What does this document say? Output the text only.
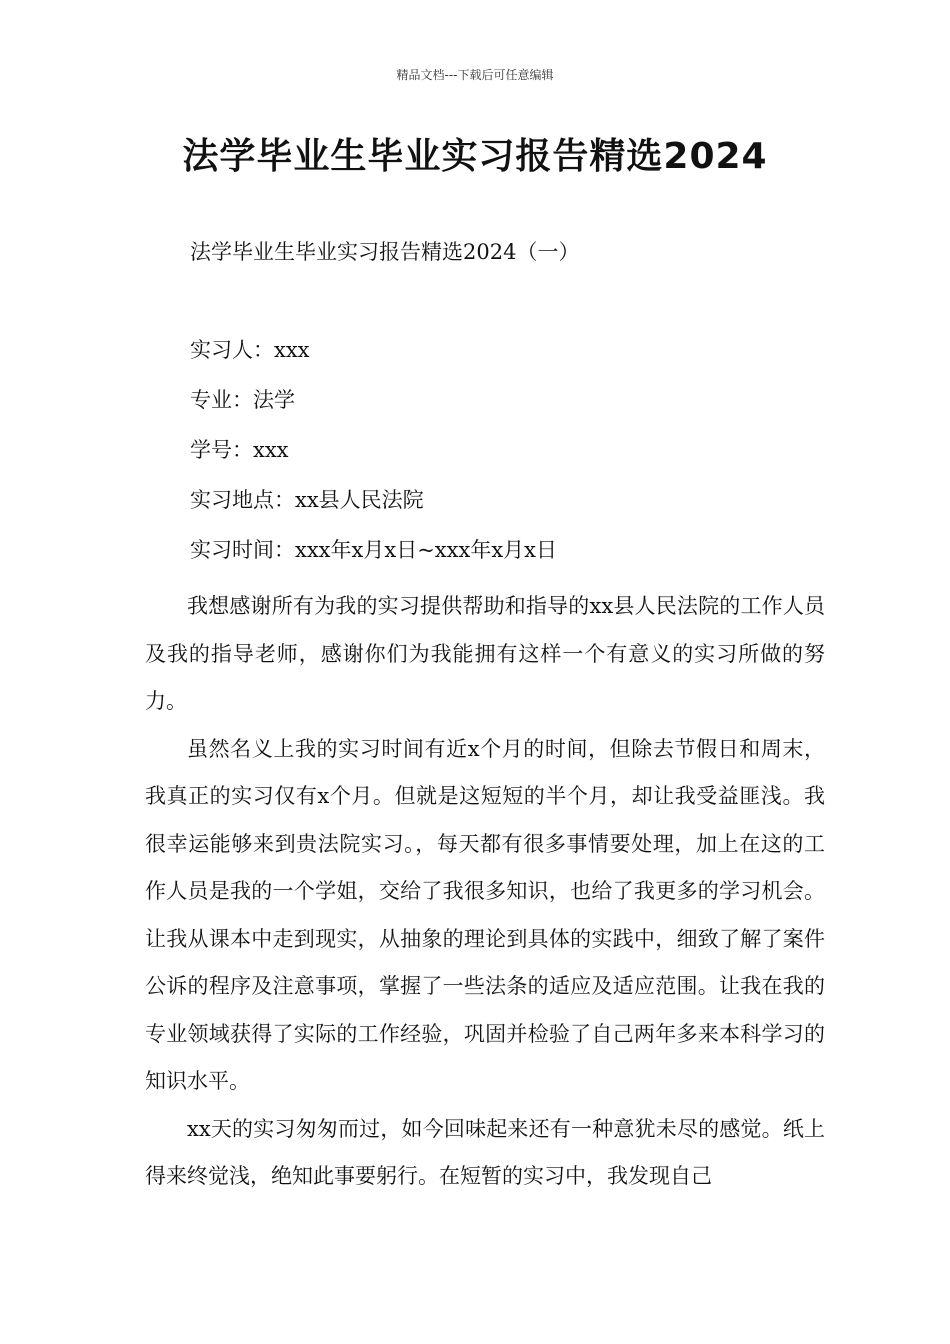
精品文档---下载后可任意编辑
法学毕业生毕业实习报告精选2024
法学毕业生毕业实习报告精选2024（一）
实习人：xxx
专业：法学
学号：xxx
实习地点：xx县人民法院
实习时间：xxx年x月x日~xxx年x月x日

我想感谢所有为我的实习提供帮助和指导的xx县人民法院的工作人员及我的指导老师，感谢你们为我能拥有这样一个有意义的实习所做的努力。

虽然名义上我的实习时间有近x个月的时间，但除去节假日和周末，我真正的实习仅有x个月。但就是这短短的半个月，却让我受益匪浅。我很幸运能够来到贵法院实习。，每天都有很多事情要处理，加上在这的工作人员是我的一个学姐，交给了我很多知识，也给了我更多的学习机会。让我从课本中走到现实，从抽象的理论到具体的实践中，细致了解了案件公诉的程序及注意事项，掌握了一些法条的适应及适应范围。让我在我的专业领域获得了实际的工作经验，巩固并检验了自己两年多来本科学习的知识水平。

xx天的实习匆匆而过，如今回味起来还有一种意犹未尽的感觉。纸上得来终觉浅，绝知此事要躬行。在短暂的实习中，我发现自己
